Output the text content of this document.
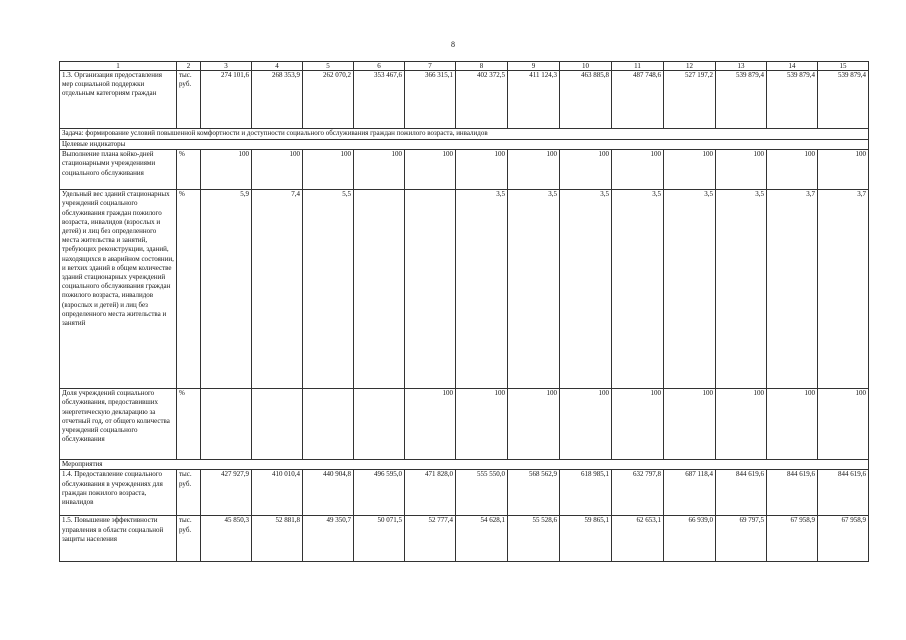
8
1	2	3	4	5	6	7	8	9	10	11	12	13	14	15
1.3. Организация предоставления мер социальной поддержки отдельным категориям граждан	тыс. руб.	274 101,6	268 353,9	262 070,2	353 467,6	366 315,1	402 372,5	411 124,3	463 885,8	487 748,6	527 197,2	539 879,4	539 879,4	539 879,4
Задача: формирование условий повышенной комфортности и доступности социального обслуживания граждан пожилого возраста, инвалидов														
Целевые индикаторы														
Выполнение плана койко-дней стационарными учреждениями социального обслуживания	%	100	100	100	100	100	100	100	100	100	100	100	100	100
Удельный вес зданий стационарных учреждений социального обслуживания граждан пожилого возраста, инвалидов (взрослых и детей) и лиц без определенного места жительства и занятий, требующих реконструкции, зданий, находящихся в аварийном состоянии, и ветхих зданий в общем количестве зданий стационарных учреждений социального обслуживания граждан пожилого возраста, инвалидов (взрослых и детей) и лиц без определенного места жительства и занятий	%	5,9	7,4	5,5			3,5	3,5	3,5	3,5	3,5	3,5	3,7	3,7
Доля учреждений социального обслуживания, предоставивших энергетическую декларацию за отчетный год, от общего количества учреждений социального обслуживания	%					100	100	100	100	100	100	100	100	100
Мероприятия														
1.4. Предоставление социального обслуживания в учреждениях для граждан пожилого возраста, инвалидов	тыс. руб.	427 927,9	410 010,4	440 904,8	496 595,0	471 828,0	555 550,0	568 562,9	618 985,1	632 797,8	687 118,4	844 619,6	844 619,6	844 619,6
1.5. Повышение эффективности управления в области социальной защиты населения	тыс. руб.	45 850,3	52 881,8	49 350,7	50 071,5	52 777,4	54 628,1	55 528,6	59 865,1	62 653,1	66 939,0	69 797,5	67 958,9	67 958,9
